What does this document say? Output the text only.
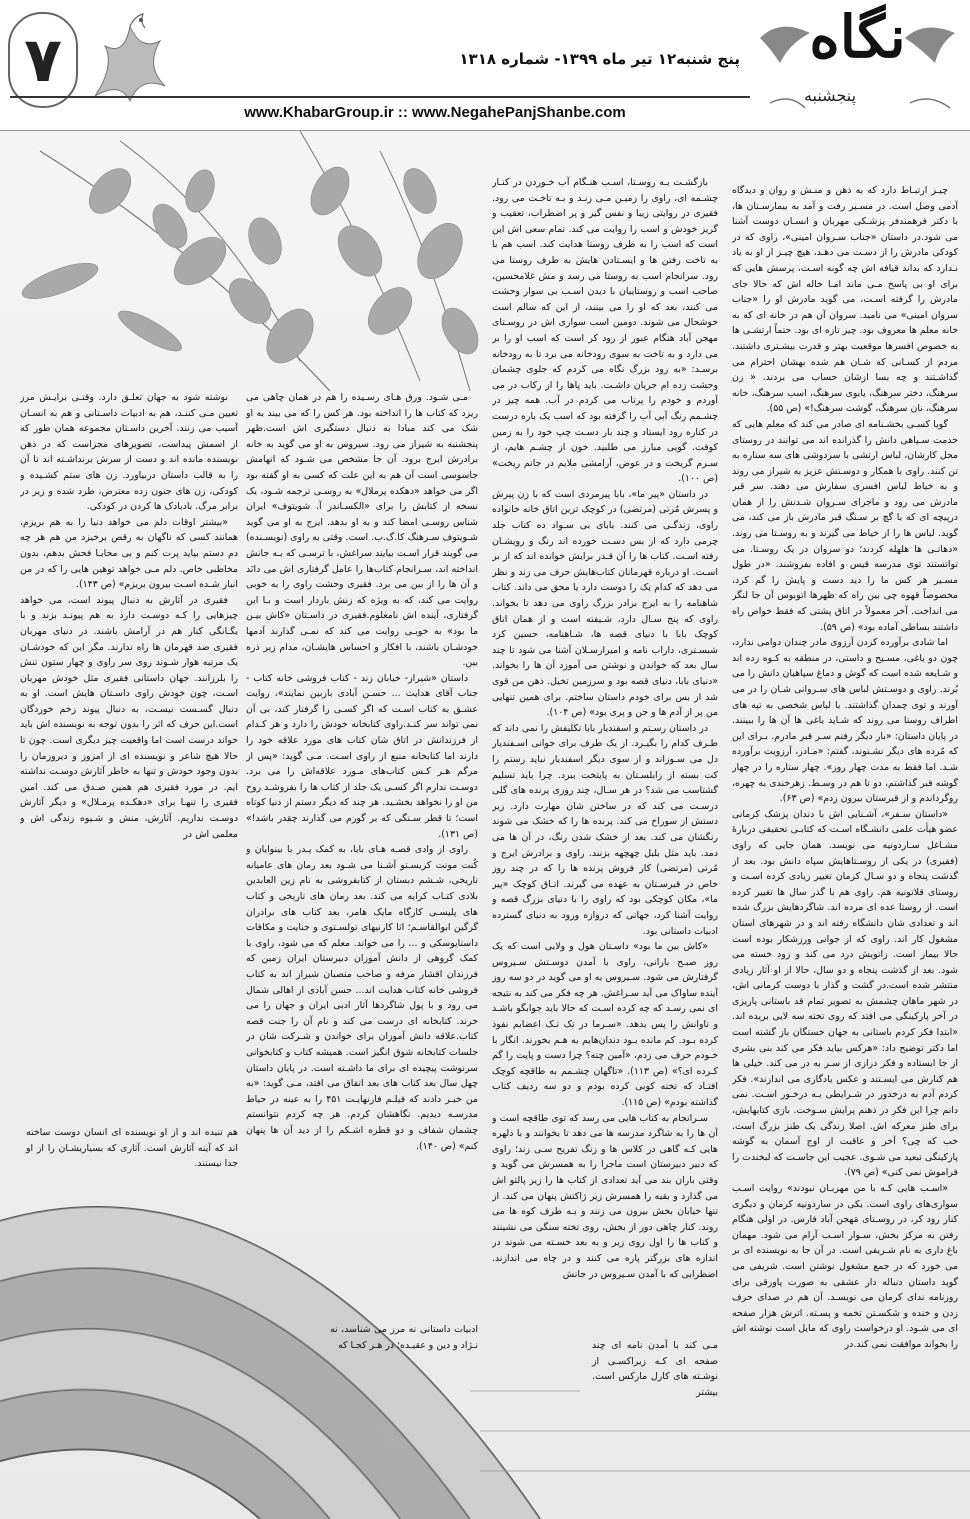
۷	پنج شنبه۱۲ تیر ماه ۱۳۹۹- شماره ۱۳۱۸	نگاه
پنجشنبه
www.KhabarGroup.ir :: www.NegahePanjShanbe.com

چیـز ارتبـاط دارد که به ذهن و منـش و روان و دیدگاه آدمی وصل است. در مسـیر رفت و آمد به بیمارسـتان ها، با دکتر فرهمندفر پزشـکی مهربان و انسـان دوست آشنا می شود.در داستان «جناب سـروان امینی»، راوی که در کودکی مادرش را از دسـت می دهـد، هیچ چیـز از او به یاد نـدارد که بداند قیافه اش چه گونه اسـت، پرسش هایی که برای او بی پاسخ مـی ماند امـا خاله اش که حالا جای مادرش را گرفته اسـت، می گوید مادرش او را «جناب سروان امینی» می نامید. سروان آن هم در خانه ای که به خانه معلم ها معروف بود. چیز تازه ای بود. حتماً ارتشـی ها به خصوص افسرها موقعیت بهتر و قدرت بیشـتری داشتند. مردم از کسـانی که شـان هم شده بهشان احترام می گذاشـتند و چه بسا ازشان حساب می بردند. « زن سرهنگ، دختر سرهنگ، یابوی سرهنگ، اسب سرهنگ، خانه سرهنگ، نان سرهنگ، گوشت سرهنگ!» (ص ۵۵).

گویا کسـی بخشـنامه ای صادر می کند که معلم هایی که خدمت سـپاهی دانش را گذرانده اند می توانند در روستای محل کارشان، لباس ارتشی با سردوشی های سه ستاره به تن کنند. راوی با همکار و دوسـتش عزیز به شیراز می روند و به خیاط لباس افسری سفارش می دهند. سر قبر مادرش می رود و ماجرای سـروان شـدنش را از همان درپیچه ای که با گچ بر سـنگ قبر مادرش باز می کند، می گوید. لباس ها را از خیاط می گیرند و به روسـتا می روند. «دهاتـی ها هلهله کردند؛ دو سروان در یک روسـتا. می توانستند توی مدرسه قیس و افاده بفروشند. «در طول مسـیر هر کس ما را دید دست و پایش را گم کرد، مخصوصاً قهوه چی بین راه که ظهرها اتوبوس آن جا لنگر می انداخت. آخر معمولاً در اتاق پشتی که فقط خواص راه داشتند بساطی آماده بود» (ص ۵۹).

اما شادی برآورده کردن آرزوی مادر چندان دوامی ندارد، چون دو یاغی، مسـیح و داستی، در منطقه به کـوه زده اند و شـایعه شده است که گوش و دماغ سپاهیان دانش را می بُرند. راوی و دوسـتش لباس های سـروانی شـان را در می آورند و توی چمدان گذاشتند. با لباس شخصی به تپه های اطراف روستا می روند که شـاید یاغی ها آن ها را ببینند. در پایان داستان: «بار دیگر رفتم سـر قبر مادرم. بـرای این که مُرده های دیگر نشـنوند، گفتم: «مـادر، آرزویت برآورده شـد. اما فقط به مدت چهار روز». چهار ستاره را در چهار گوشه قبر گذاشتم، دو تا هم در وسـط. زهرخندی به چهره، روگرداندم و از قبرستان بیرون زدم» (ص ۶۳).

«داستان سـفر»، آشـنایی اش با دندان پزشک کرمانی عضو هیأت علمی دانشـگاه اسـت که کتابـی تحقیقی دربارۀ مشـاغل سـاردونیه می نویسد. همان جایی که راوی (فقیری) در یکی از روسـتاهایش سپاه دانش بود. بعد از گذشت پنجاه و دو سـال کرمان تغییر زیادی کرده اسـت و روستای قلاتونیه هم. راوی هم با گذر سال ها تغییر کرده است. از روستا عده ای مرده اند. شاگردهایش بزرگ شده اند و تعدادی شان دانشگاه رفته اند و در شهرهای استان مشغول کار اند. راوی که از جوانی ورزشکار بوده است حالا بیمار است. زانویش درد می کند و زود خسته می شود. بعد از گذشت پنجاه و دو سال، حالا از او آثار زیادی منتشر شده است.در گشت و گذار با دوست کرمانی اش، در شهر ماهان چشمش به تصویر تمام قد باستانی پاریزی در آخر پارکینگی می افتد که روی تخته سه لایی بریده اند. «ابتدا فکر کردم باستانی به جهان خستگان باز گشته است اما دکتر توضیح داد: «هرکس بیاید فکر می کند بنی بشری از جا ایستاده و فکر درازی از سـر به در می کند. خیلی ها هم کنارش می ایسـتند و عکس یادگاری می اندازند». فکر کردم آدم به درخدور در شـرایطی بـه درخـور اسـت. نمی دانم چرا این فکر در ذهنم پرایش سـوخت. بازی کتابهایش، برای طنز معرکه اش. اصلا زندگی یک طنز بزرگ است. خب که چی؟ آخر و عاقبت از اوج آسمان به گوشه پارکینگی تبعید می شـوی. عجیب این جاسـت که لبخندت را فراموش نمی کنی» (ص ۷۹).

«اسـب هایی کـه با من مهربـان نبودند» روایت اسـب سواری‌های راوی است. یکی در ساردونیه کرمان و دیگری کنار رود کر، در روسـتای مَهجن آباد فارس. در اولی هنگام رفتن به مرکز بخش، سـوار اسـب آرام می شود. مهمان باغ داری به نام شـریفی است. در آن جا به نویسنده ای بر می خورد که در جمع مشغول نوشتن است. شریفی می گوید داستان دنباله دار عشقی به صورت پاورقی برای روزنامه ندای کرمان می نویسـد. آن هم در صدای حرف زدن و خنده و شکسـتن تخمه و پسـته. اترش هزار صفحه ای می شـود. او درخواست راوی که مایل است نوشته اش را بخواند موافقت نمی کند.در

بازگشـت بـه روسـتا، اسـب هنـگام آب خـوردن در کنـار چشـمه ای، راوی را زمیـن مـی زنـد و بـه تاخـت می رود. فقیری در روایتی زیبا و نفس گیر و پر اضطراب، تعقیب و گریز خودش و اسب را روایت می کند. تمام سعی اش این است که اسب را به طرف روستا هدایت کند. اسب هم با به تاخت رفتن ها و ایسـتادن هایش به طرف روستا می رود. سرانجام اسب به روستا می رسد و مش غلامحسین، صاحب اسب و روستاییان با دیدن اسـب بی سوار وحشت می کنند، بعد که او را می بینند، از این که سالم است خوشحال می شوند. دومین اسب سواری اش در روسـتای مهجن آباد هنگام عبور از رود کر است که اسب او را بر می دارد و به تاخت به سوی رودخانه می برد تا به رودخانه برسـد: «به رود بزرگ نگاه می کردم که جلوی چشمان وحشت زده ام جریان داشـت. باید پاها را از رکاب در می آوردم و خودم را پرتاب می کردم در آب. همه چیز در چشـمم رنگ آبی آب را گرفته بود که اسب یک باره درست در کناره رود ایستاد و چند بار دسـت چپ خود را به زمین کوفت. گویی مبارز می طلبید. خون از چشـم هایم، از سـرم گریخت و در عوض، آرامشی ملایم در جانم ریخت» (ص ۱۰۰).

در داستان «پیر ما»، بابا پیرمردی است که با زن پیرش و پسرش مُرتی (مرتضی) در کوچک ترین اتاق خانه خانواده راوی، زندگـی می کنند. بابای بی سـواد ده کتاب جلد چرمی دارد که از بس دسـت خورده اند رنگ و رویشـان رفته اسـت. کتاب ها را آن قـدر برایش خوانده اند که از بر اسـت. او درباره قهرمانان کتاب‌هایش حرف می زند و نظر می دهد که کدام یک را دوست دارد یا محق می داند. کتاب شاهنامه را به ایرج برادر بزرگ راوی می دهد تا بخواند. راوی که پنج سـال دارد، شـیفته است و از همان اتاق کوچک بابا با دنیای قصه ها، شـاهنامه، حسین کرد شبسـتری، داراب نامه و امیرارسـلان آشنا می شود تا چند سال بعد که خواندن و نوشتن می آموزد آن ها را بخواند. «دنیای بابا، دنیای قصه بود و سرزمین تخیل. ذهن من قوی شد از بس برای خودم داستان ساختم. برای همین تنهایی من پر از آدم ها و جن و پری بود» (ص ۱۰۴).

در داستان رسـتم و اسفندیار بابا تکلیفش را نمی داند که طـرف کدام را بگیـرد. از یک طرف برای جوانی اسـفندیار دل می سـوزاند و از سوی دیگر اسفندیار نباید رستم را کت بسته از زابلسـتان به پایتخت ببرد. چرا باید تسلیم گشتاسب می شد؟ در هر سـال، چند روزی پرنده های گلی درسـت می کند که در ساختن شان مهارت دارد. زیر دستش از سوراخ می کند. پرنده ها را که خشک می شوند رنگشان می کند. بعد از خشک شدن رنگ، در آن ها می دمد. باید مثل بلبل چهچهه بزنند. راوی و برادرش ایرج و مُرتی (مرتضی) کار فروش پرنده ها را که در چند روز خاص در قبرسـتان به عهده می گیرند. اتـاق کوچک «پیر ما»، مکان کوچکی بود که راوی را با دنیای بزرگ قصه و روایت آشنا کرد، جهانی که دروازه ورود به دنیای گسترده ادبیات داستانی بود.

«کاش بین ما بود» داسـتان هول و ولایی است که یک روز صبـح بارانی، راوی با آمدن دوسـتش سـیروس گرفتارش می شود. سـیروس به او می گوید در دو سه روز آینده ساواک می آید سـراغش. هر چه فکر می کند به نتیجه ای نمی رسـد که چه کرده اسـت که حالا باید جوابگو باشـد و تاوانش را پس بدهد. «سـرما در تک تـک اعضایم نفوذ کرده بـود. کم مانده بـود دندان‌هایم به هـم بخورند. انگار با خـودم حرف می زدم، «آمین چته؟ چرا دست و پایت را گم کـرده ای؟» (ص ۱۱۳). «تاگهان چشـمم به طاقچه کوچک افتـاد که تخته کوبی کرده بودم و دو سه ردیف کتاب گذاشته بودم» (ص ۱۱۵).

سـرانجام به کتاب هایی می رسد که توی طاقچه است و آن ها را به شاگرد مدرسه ها می دهد تا بخوانند و با دلهره هایی کـه گاهی در کلاس ها و زنگ تفریح سـی زند؛ راوی که دبیر دبیرستان است ماجرا را به همسرش می گوید و وقتی باران بند می آید تعدادی از کتاب ها را زیر پالتو اش می گذارد و بقیه را همسرش زیر ژاکتش پنهان می کند. از تنها خیابان بخش بیرون می زنند و بـه طرف کوه ها می روند. کنار چاهی دور از بخش، روی تخته سنگی می نشینند و کتاب ها را اول روی زیر و به بعد خسـته می شوند در اندازه های بزرگتر پاره می کنند و در چاه می اندازند. اضطرابی که با آمدن سـیروس در جانش

مـی کند با آمدن نامه ای چند صفحه ای کـه زیراکسـی از نوشـته های کارل مارکس است. بیشتر

مـی شـود. ورق‌ هـای رسـیده را هم‌ در همان چاهی می ریزد که کتاب ها را انداخته بود. هر کس را که می بیند به او شک می کند مبادا به دنبال دستگیری اش است.ظهر پنجشنبه به شیراز می رود. سیروس به او می گوید به خانه برادرش ایرج برود. آن جا مشخص می شـود که اتهامش جاسوسی است آن هم به این علت که کسی به او گفته بود اگر می خواهد «دهکده پرملال» به روسـی ترجمه شـود، یک نسخه از کتابش را برای «الکسـاندر آ. شویتوف» ایران شناس روسـی امضا کند و به او بدهد. ایرج به او می گوید شـویتوف سـرهنگ کا.گ.ب. است. وقتی به راوی (نویسـنده) می گویند قرار اسـت بیایند سراغش، با ترسـی که بـه جانش انداخته اند، سـرانجام کتاب‌ها را عامل گرفتاری اش می دانَد و آن ها را از بین می برد. فقیری وحشت راوی را به خوبی روایت می کند، که به ویژه که زنش باردار است و بـا این گرفتاری، آینده اش نامعلوم.فقیری در داسـتان «کاش بیـن ما بود» به خوبـی روایت می کند که نمـی گذارند آدمها خودشـان باشند، با افکار و احساس هایشـان، مدام زیر ذره بین.

داستان «شیراز- خیابان زند - کتاب فروشی خانه کتاب - جناب آقای هدایت ... حسـن آبادی بازبین نمایند»، روایت عشـق به کتاب اسـت که اگر کسـی را گرفتار کند، بی آن نمی تواند سر کنـد.راوی کتابخانه خودش را دارد و هر کـدام از فرزندانش در اتاق شان کتاب های مورد علاقه خود را دارند اما کتابخانه منبع از راوی اسـت. مـی گوید: «پس از مرگم هـر کـس کتاب‌های مـورد علاقه‌اش را می برد. دوسـت ندارم اگر کسـی یک جلد از کتاب ها را بفروشـد روح من او را نخواهد بخشـید. هر چند که دیگر دستم از دنیا کوتاه است؛ تا قطر سـنگی که بر گورم می گذارند چقدر باشد!» (ص ۱۳۱).

راوی از وادی قصـه هـای بابا، به کمک پـدر با بینوایان و کُنت مونت کریسـتو آشـنا می شـود بعد رمان های عامیانه تاریخی، شـشم دبستان از کتابفروشی به نام زین العابدین بلادی کتـاب کرایه می کند. بعد رمان های تاریخی و کتاب های پلیسـی کارگاه مایک هامر، بعد کتاب های برادران گرگین ابوالقاسـم؛ اثا کارنیهای تولسـتوی و جنایت و مکافات داستایوسکی و ... را می خواند. معلم که می شود، راوی با کمک گروهی از دانش آموزان دبیرستان ایران زمین که فرزندان اقشار مرفه و صاحب منصبان شیراز اند به کتاب فروشی خانه کتاب هدایت اند... حسن آبادی از اهالی شمال می رود و با پول شاگردها آثار ادبی ایران و جهان را می خرند. کتابخانه ای درست می کند و نام آن را جنت قصه کتاب.علاقه دانش آموزان برای خواندن و شـرکت شان در جلسات کتابخانه شوق انگیز است. همیشه کتاب و کتابخوانی سرنوشت پیچیده ای برای ما داشـته است. در پایان داستان چهل سال بعد کتاب های بعد اتفاق می افتد، مـی گوید: «به من خبـر دادند که فیلـم فارنهایـت ۴۵۱ را به عینه در حیاط مدرسـه دیدیم. نگاهشان کردم. هر چه کردم نتوانستم چشمان شفاف و دو قطره اشـکم را از دید آن ها پنهان کنم» (ص ۱۴۰).

ادبیات داستانی نه مرز می شناسد، نه نـژاد و دین و عقیـده؛ در هـر کجـا که

نوشته شود به جهان تعلـق دارد. وقتـی برایـش مرز تعیین مـی کننـد، هم به ادبیات داسـتانی و هم به انسـان آسیب می زنند. آخرین داسـتان مجموعه همان طور که از اسمش پیداست، تصویرهای مجزاست که در ذهن نویسنده مانده اند و دست از سرش برنداشـته اند تا آن را به قالب داستان دربیاورد. زن های ستم کشـیده و کودکی، زن های جنون زده معترض، طرد شده و زیر در برابر مرگ. بادبادک ها کردن در کودکی.

«بیشتر اوقات دلم می خواهد دنیا را به هم بریزم، همانند کسی که ناگهان به رقص برخیزد من هم هر چه دم دستم بیاید پرت کنم و بی محابـا فحش بدهم، بدون مخاطبی خاص. دلم مـی خواهد توهین هایی را که در من انبار شـده اسـت بیرون بریزم» (ص ۱۴۳).

فقیری در آثارش به دنبال پیوند است، می خواهد چیزهایی را کـه دوسـت دارد به هم پیونـد بزند و با یگـانگی کنار هم در آرامش باشند. در دنیای مهربان فقیری ضد قهرمان ها راه ندارند. مگر این که خودشـان یک مرتبه هوار شـوند روی سر راوی و چهار ستون تنش را بلرزانند. جهان داستانی فقیری مثل خودش مهربان اسـت، چون خودش راوی داسـتان هایش است. او به دنبال گسـست نیسـت، به دنبال پیوند زخم خوردگان است.این حرف که اثر را بدون توجه به نویسنده اش باید خواند درست است اما واقعیت چیز دیگری است. چون تا حالا هیچ شاعر و نویسنده ای از امروز و دیروزمان را بدون وجود خودش و تنها به خاطر آثارش دوسـت نداشته ایم. در مورد فقیری هم همین صـدق می کند. امین فقیری را تنهـا برای «دهکـده پرمـلال» و دیگر آثارش دوسـت نداریم. آثارش، منش و شـیوه زندگی اش و معلمی اش در

هم تنیده اند و از او نویسنده ای انسان دوست ساخته اند که آینه آثارش است. آثاری که بسیاریشـان را از او جدا نیستند.
